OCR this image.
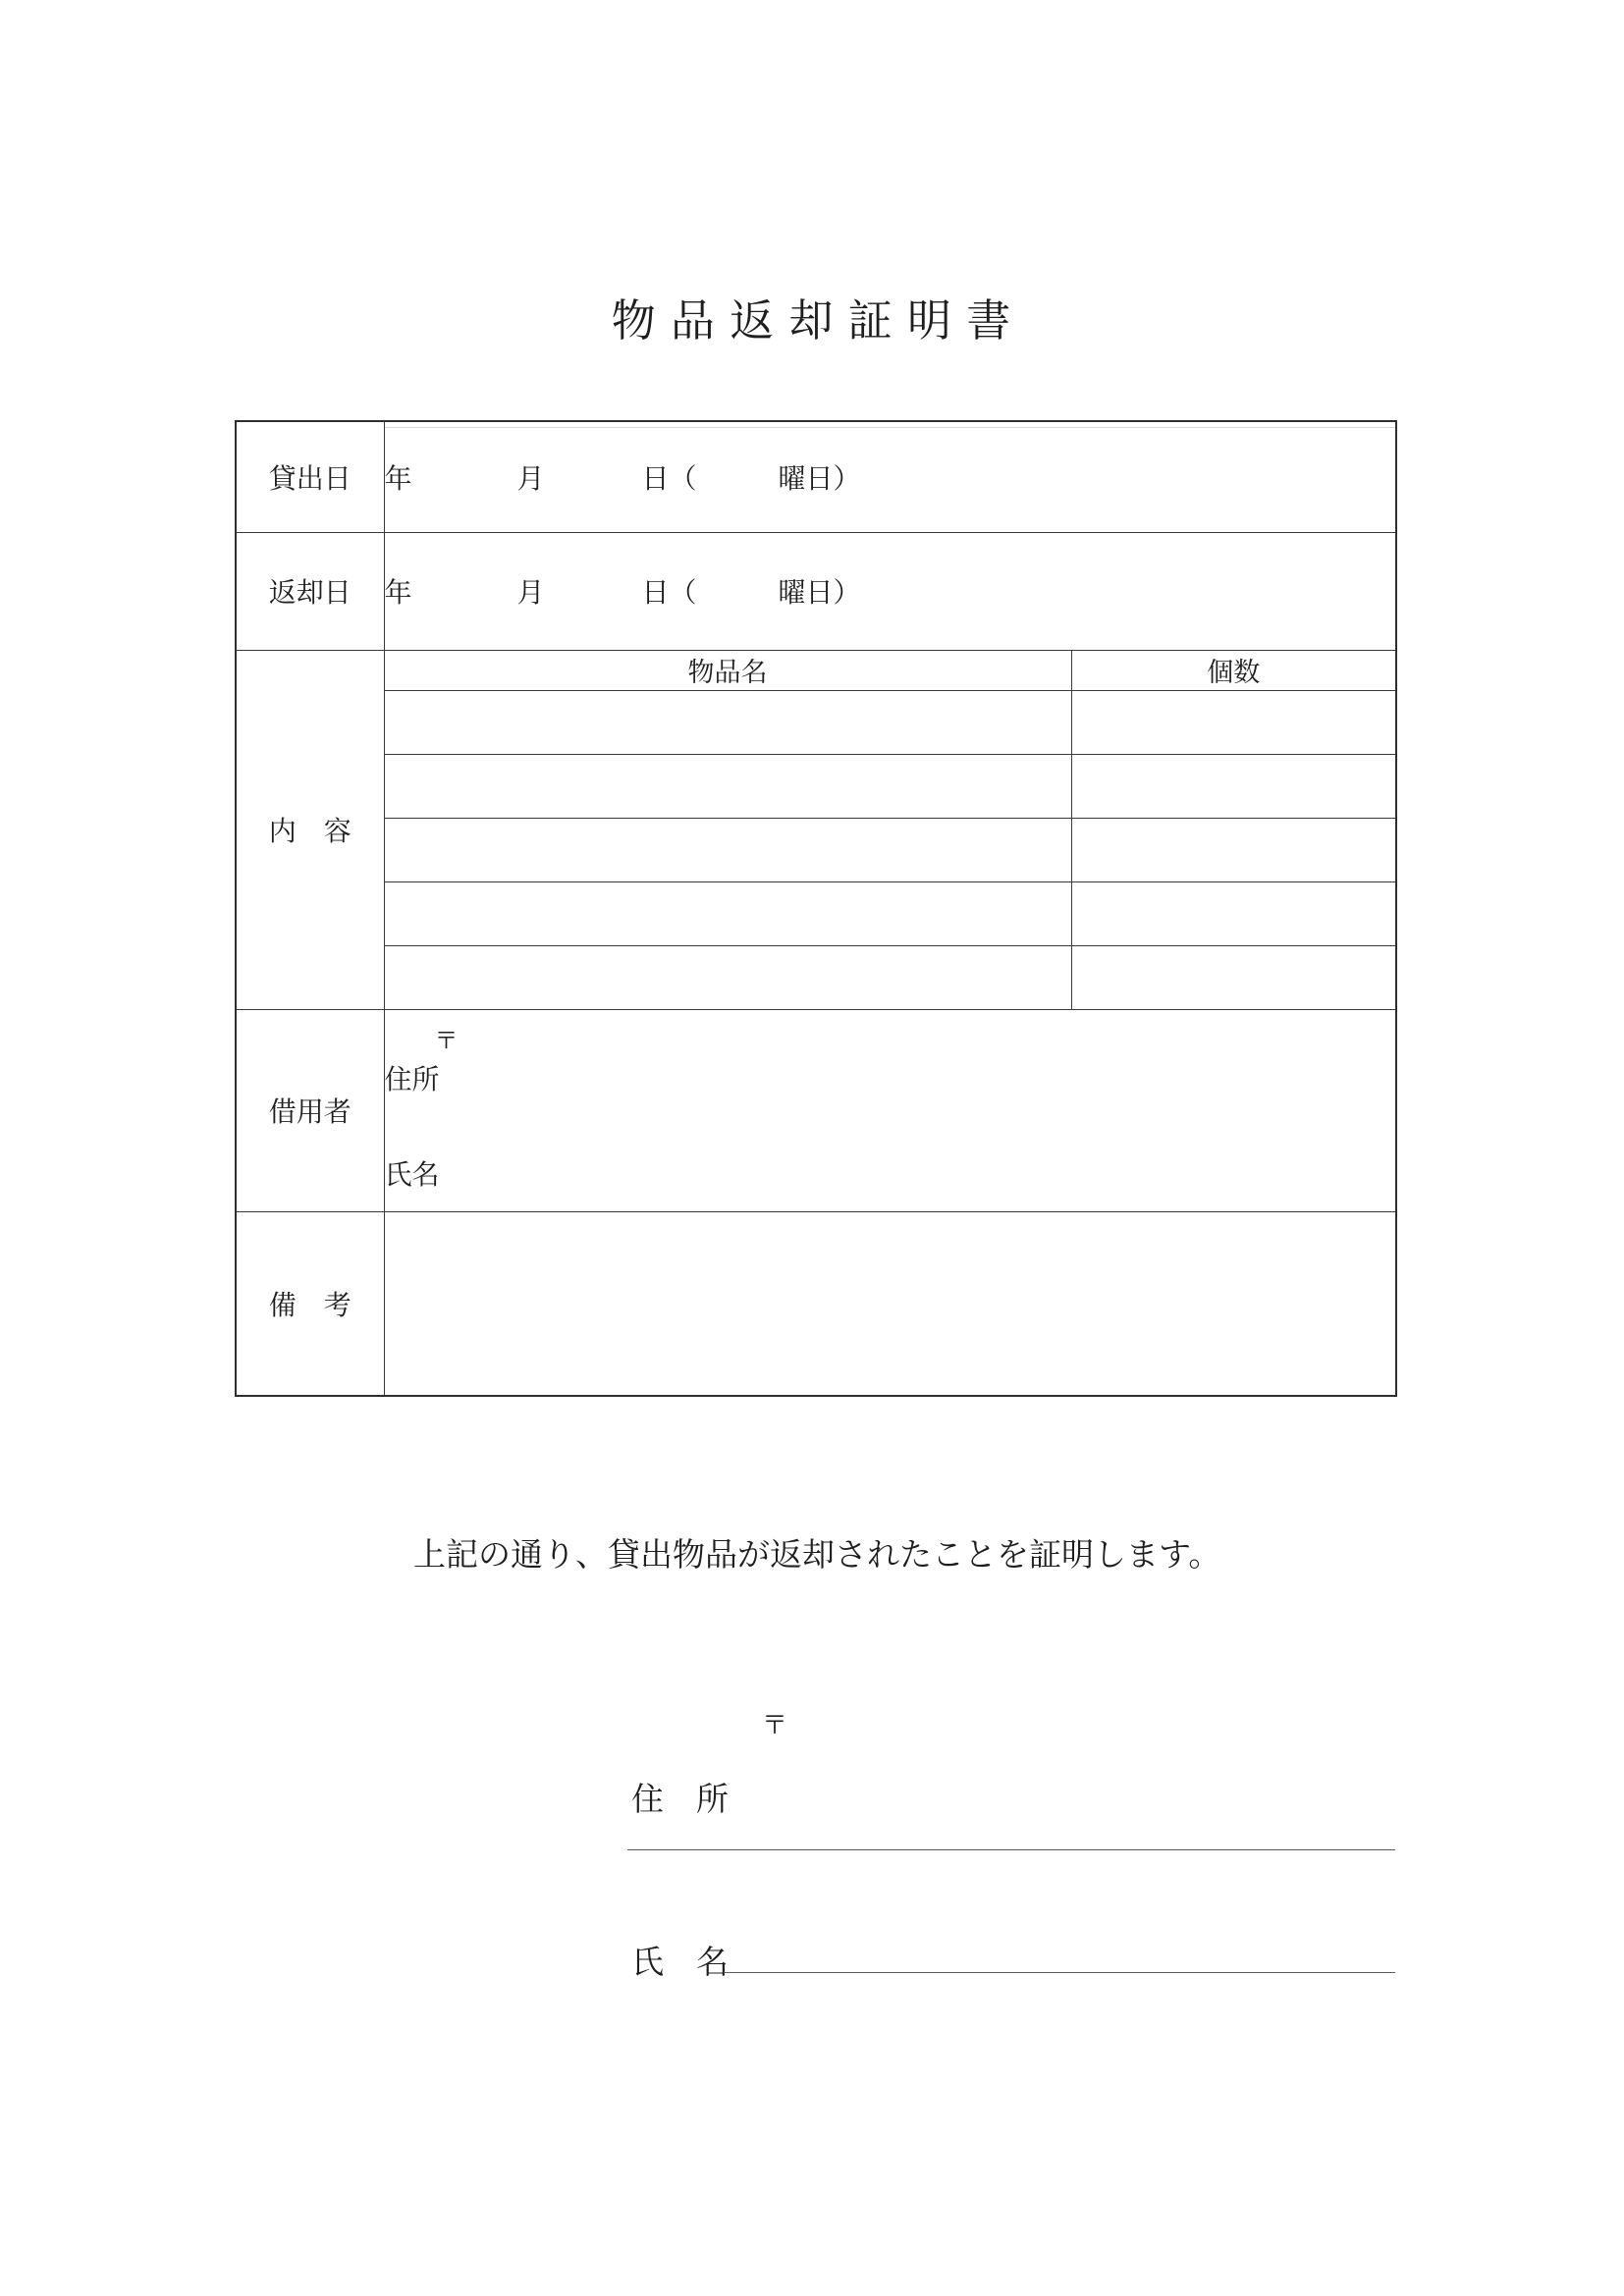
物 品 返 却 証 明 書
貸出日	年 月 日（ 曜日）	
返却日	年 月 日（ 曜日）	
内　容	物品名	個数

借用者	〒
住所
氏名	

備　考		

上記の通り、貸出物品が返却されたことを証明します。

〒
住　所
氏　名
